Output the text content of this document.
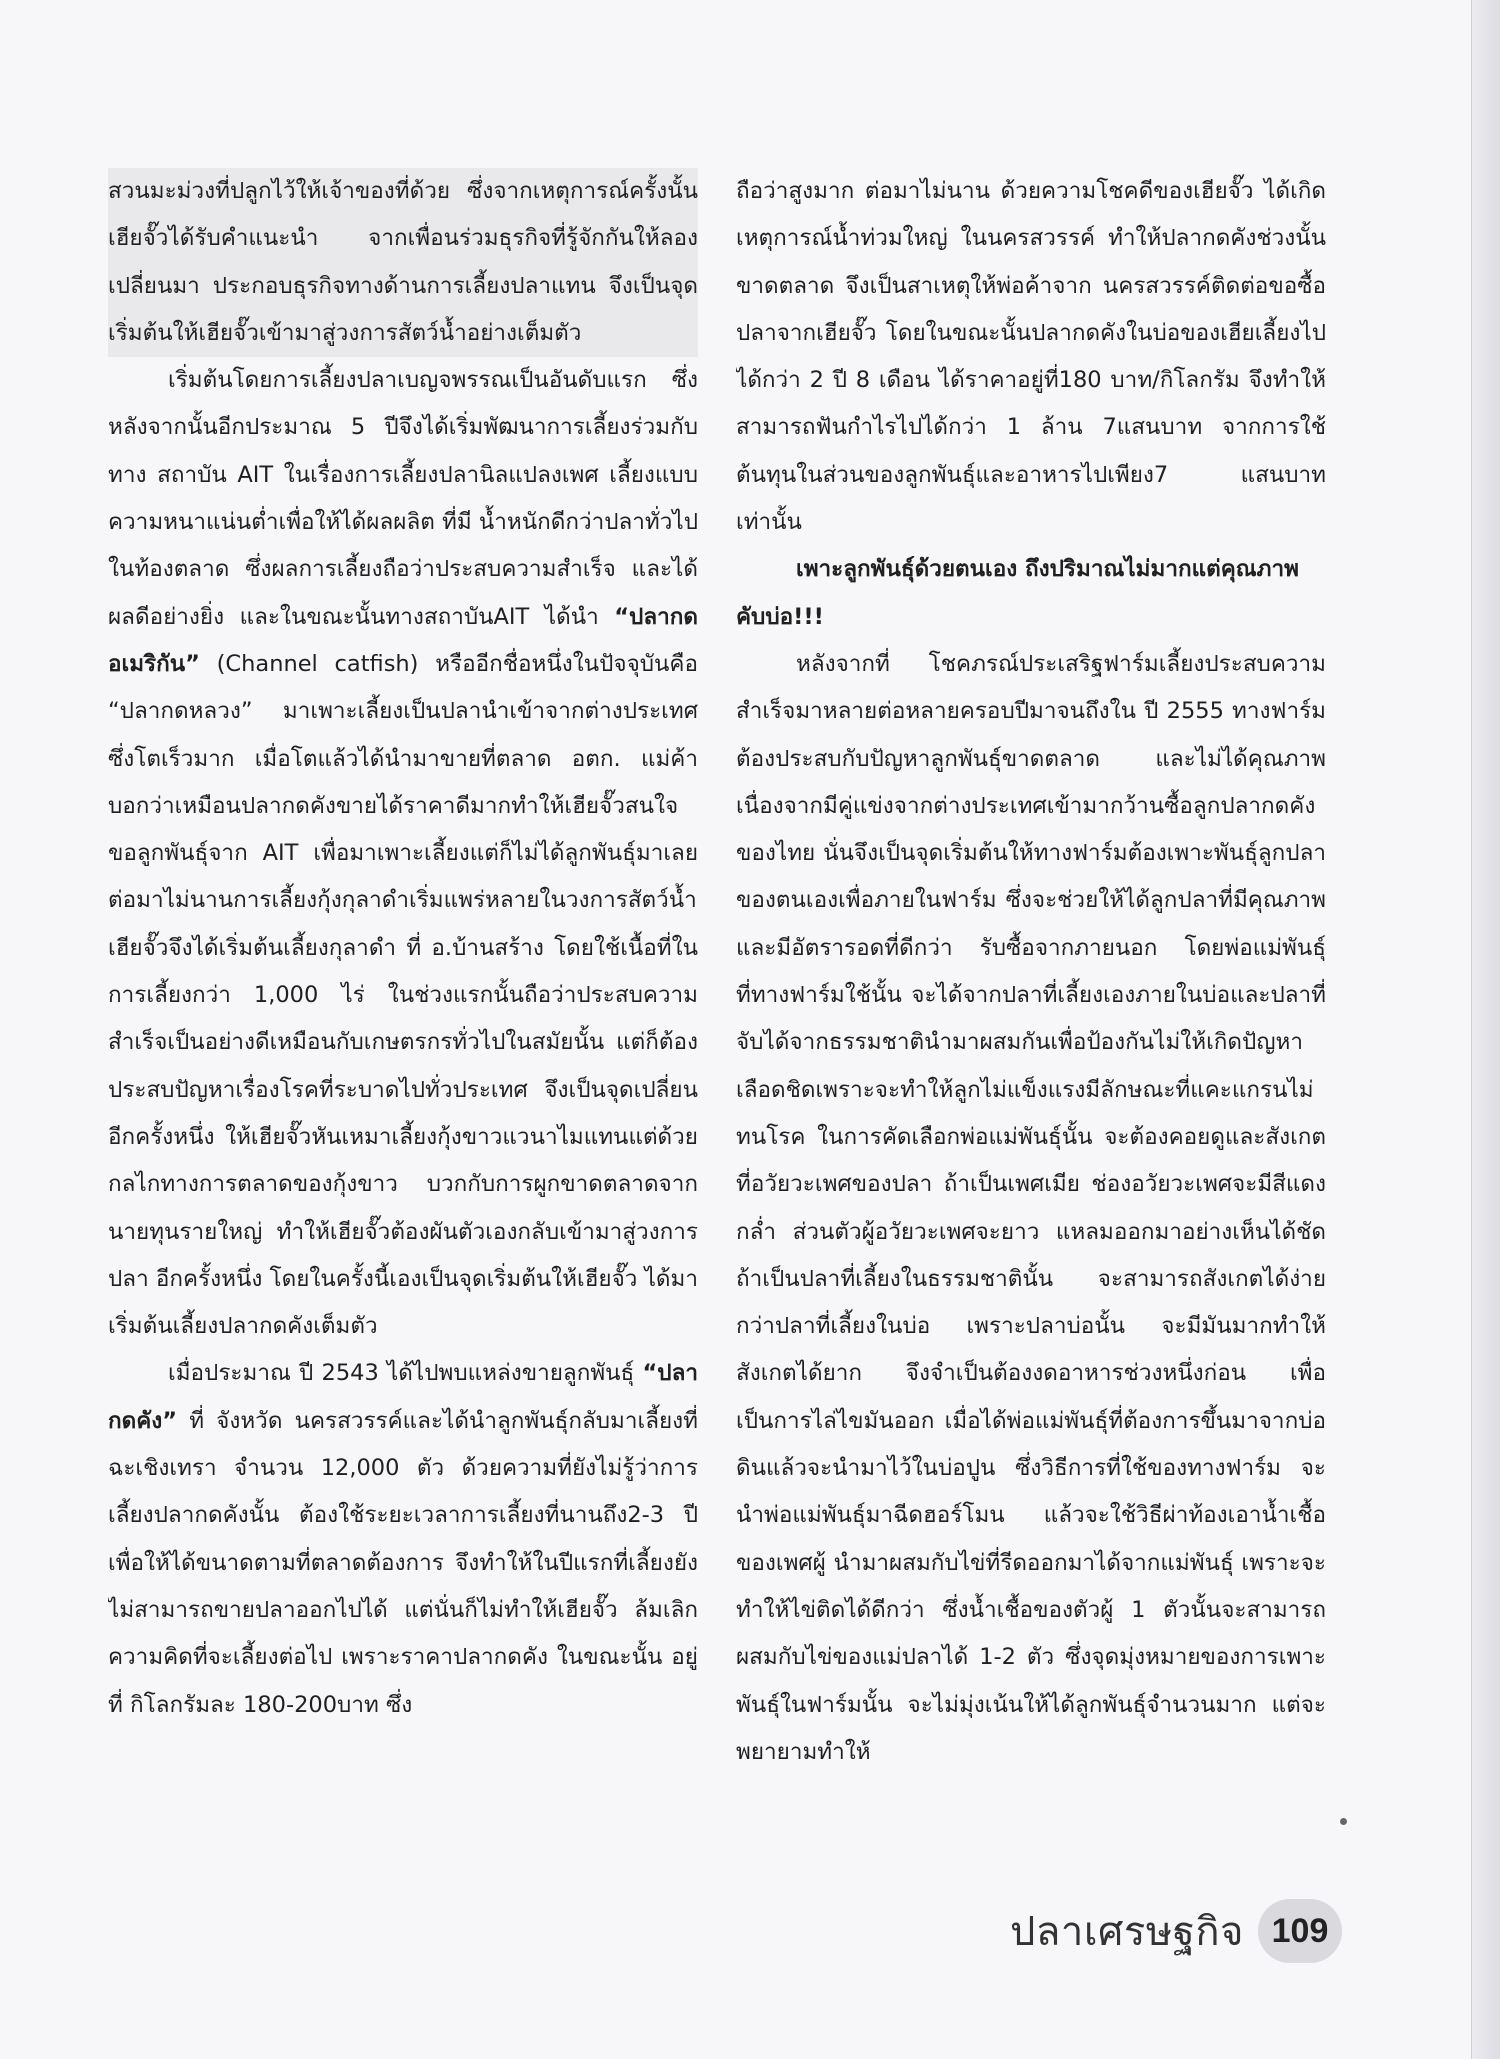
สวนมะม่วงที่ปลูกไว้ให้เจ้าของที่ด้วย ซึ่งจากเหตุการณ์ครั้งนั้น เฮียจั๊วได้รับคำแนะนำ จากเพื่อนร่วมธุรกิจที่รู้จักกันให้ลองเปลี่ยนมา ประกอบธุรกิจทางด้านการเลี้ยงปลาแทน จึงเป็นจุดเริ่มต้นให้เฮียจั๊วเข้ามาสู่วงการสัตว์น้ำอย่างเต็มตัว

เริ่มต้นโดยการเลี้ยงปลาเบญจพรรณเป็นอันดับแรก ซึ่งหลังจากนั้นอีกประมาณ 5 ปีจึงได้เริ่มพัฒนาการเลี้ยงร่วมกับ ทาง สถาบัน AIT ในเรื่องการเลี้ยงปลานิลแปลงเพศ เลี้ยงแบบความหนาแน่นต่ำเพื่อให้ได้ผลผลิต ที่มี น้ำหนักดีกว่าปลาทั่วไปในท้องตลาด ซึ่งผลการเลี้ยงถือว่าประสบความสำเร็จ และได้ผลดีอย่างยิ่ง และในขณะนั้นทางสถาบันAIT ได้นำ “ปลากดอเมริกัน” (Channel catfish) หรืออีกชื่อหนึ่งในปัจจุบันคือ “ปลากดหลวง” มาเพาะเลี้ยงเป็นปลานำเข้าจากต่างประเทศซึ่งโตเร็วมาก เมื่อโตแล้วได้นำมาขายที่ตลาด อตก. แม่ค้าบอกว่าเหมือนปลากดคังขายได้ราคาดีมากทำให้เฮียจั๊วสนใจขอลูกพันธุ์จาก AIT เพื่อมาเพาะเลี้ยงแต่ก็ไม่ได้ลูกพันธุ์มาเลย ต่อมาไม่นานการเลี้ยงกุ้งกุลาดำเริ่มแพร่หลายในวงการสัตว์น้ำ เฮียจั๊วจึงได้เริ่มต้นเลี้ยงกุลาดำ ที่ อ.บ้านสร้าง โดยใช้เนื้อที่ในการเลี้ยงกว่า 1,000 ไร่ ในช่วงแรกนั้นถือว่าประสบความสำเร็จเป็นอย่างดีเหมือนกับเกษตรกรทั่วไปในสมัยนั้น แต่ก็ต้องประสบปัญหาเรื่องโรคที่ระบาดไปทั่วประเทศ จึงเป็นจุดเปลี่ยนอีกครั้งหนึ่ง ให้เฮียจั๊วหันเหมาเลี้ยงกุ้งขาวแวนาไมแทนแต่ด้วยกลไกทางการตลาดของกุ้งขาว บวกกับการผูกขาดตลาดจากนายทุนรายใหญ่ ทำให้เฮียจั๊วต้องผันตัวเองกลับเข้ามาสู่วงการ ปลา อีกครั้งหนึ่ง โดยในครั้งนี้เองเป็นจุดเริ่มต้นให้เฮียจั๊ว ได้มาเริ่มต้นเลี้ยงปลากดคังเต็มตัว

เมื่อประมาณ ปี 2543 ได้ไปพบแหล่งขายลูกพันธุ์ “ปลากดคัง” ที่ จังหวัด นครสวรรค์และได้นำลูกพันธุ์กลับมาเลี้ยงที่ฉะเชิงเทรา จำนวน 12,000 ตัว ด้วยความที่ยังไม่รู้ว่าการเลี้ยงปลากดคังนั้น ต้องใช้ระยะเวลาการเลี้ยงที่นานถึง2-3 ปี เพื่อให้ได้ขนาดตามที่ตลาดต้องการ จึงทำให้ในปีแรกที่เลี้ยงยังไม่สามารถขายปลาออกไปได้ แต่นั่นก็ไม่ทำให้เฮียจั๊ว ล้มเลิกความคิดที่จะเลี้ยงต่อไป เพราะราคาปลากดคัง ในขณะนั้น อยู่ที่ กิโลกรัมละ 180-200บาท ซึ่ง

ถือว่าสูงมาก ต่อมาไม่นาน ด้วยความโชคดีของเฮียจั๊ว ได้เกิดเหตุการณ์น้ำท่วมใหญ่ ในนครสวรรค์ ทำให้ปลากดคังช่วงนั้นขาดตลาด จึงเป็นสาเหตุให้พ่อค้าจาก นครสวรรค์ติดต่อขอซื้อปลาจากเฮียจั๊ว โดยในขณะนั้นปลากดคังในบ่อของเฮียเลี้ยงไปได้กว่า 2 ปี 8 เดือน ได้ราคาอยู่ที่180 บาท/กิโลกรัม จึงทำให้สามารถฟันกำไรไปได้กว่า 1 ล้าน 7แสนบาท จากการใช้ต้นทุนในส่วนของลูกพันธุ์และอาหารไปเพียง7 แสนบาทเท่านั้น

เพาะลูกพันธุ์ด้วยตนเอง ถึงปริมาณไม่มากแต่คุณภาพคับบ่อ!!!

หลังจากที่ โชคภรณ์ประเสริฐฟาร์มเลี้ยงประสบความสำเร็จมาหลายต่อหลายครอบปีมาจนถึงใน ปี 2555 ทางฟาร์มต้องประสบกับปัญหาลูกพันธุ์ขาดตลาด และไม่ได้คุณภาพ เนื่องจากมีคู่แข่งจากต่างประเทศเข้ามากว้านซื้อลูกปลากดคังของไทย นั่นจึงเป็นจุดเริ่มต้นให้ทางฟาร์มต้องเพาะพันธุ์ลูกปลาของตนเองเพื่อภายในฟาร์ม ซึ่งจะช่วยให้ได้ลูกปลาที่มีคุณภาพ และมีอัตรารอดที่ดีกว่า รับซื้อจากภายนอก โดยพ่อแม่พันธุ์ที่ทางฟาร์มใช้นั้น จะได้จากปลาที่เลี้ยงเองภายในบ่อและปลาที่จับได้จากธรรมชาตินำมาผสมกันเพื่อป้องกันไม่ให้เกิดปัญหาเลือดชิดเพราะจะทำให้ลูกไม่แข็งแรงมีลักษณะที่แคะแกรนไม่ทนโรค ในการคัดเลือกพ่อแม่พันธุ์นั้น จะต้องคอยดูและสังเกตที่อวัยวะเพศของปลา ถ้าเป็นเพศเมีย ช่องอวัยวะเพศจะมีสีแดงกล่ำ ส่วนตัวผู้อวัยวะเพศจะยาว แหลมออกมาอย่างเห็นได้ชัด ถ้าเป็นปลาที่เลี้ยงในธรรมชาตินั้น จะสามารถสังเกตได้ง่ายกว่าปลาที่เลี้ยงในบ่อ เพราะปลาบ่อนั้น จะมีมันมากทำให้สังเกตได้ยาก จึงจำเป็นต้องงดอาหารช่วงหนึ่งก่อน เพื่อเป็นการไล่ไขมันออก เมื่อได้พ่อแม่พันธุ์ที่ต้องการขึ้นมาจากบ่อดินแล้วจะนำมาไว้ในบ่อปูน ซึ่งวิธีการที่ใช้ของทางฟาร์ม จะนำพ่อแม่พันธุ์มาฉีดฮอร์โมน แล้วจะใช้วิธีผ่าท้องเอาน้ำเชื้อของเพศผู้ นำมาผสมกับไข่ที่รีดออกมาได้จากแม่พันธุ์ เพราะจะทำให้ไข่ติดได้ดีกว่า ซึ่งน้ำเชื้อของตัวผู้ 1 ตัวนั้นจะสามารถผสมกับไข่ของแม่ปลาได้ 1-2 ตัว ซึ่งจุดมุ่งหมายของการเพาะพันธุ์ในฟาร์มนั้น จะไม่มุ่งเน้นให้ได้ลูกพันธุ์จำนวนมาก แต่จะพยายามทำให้

ปลาเศรษฐกิจ 109
